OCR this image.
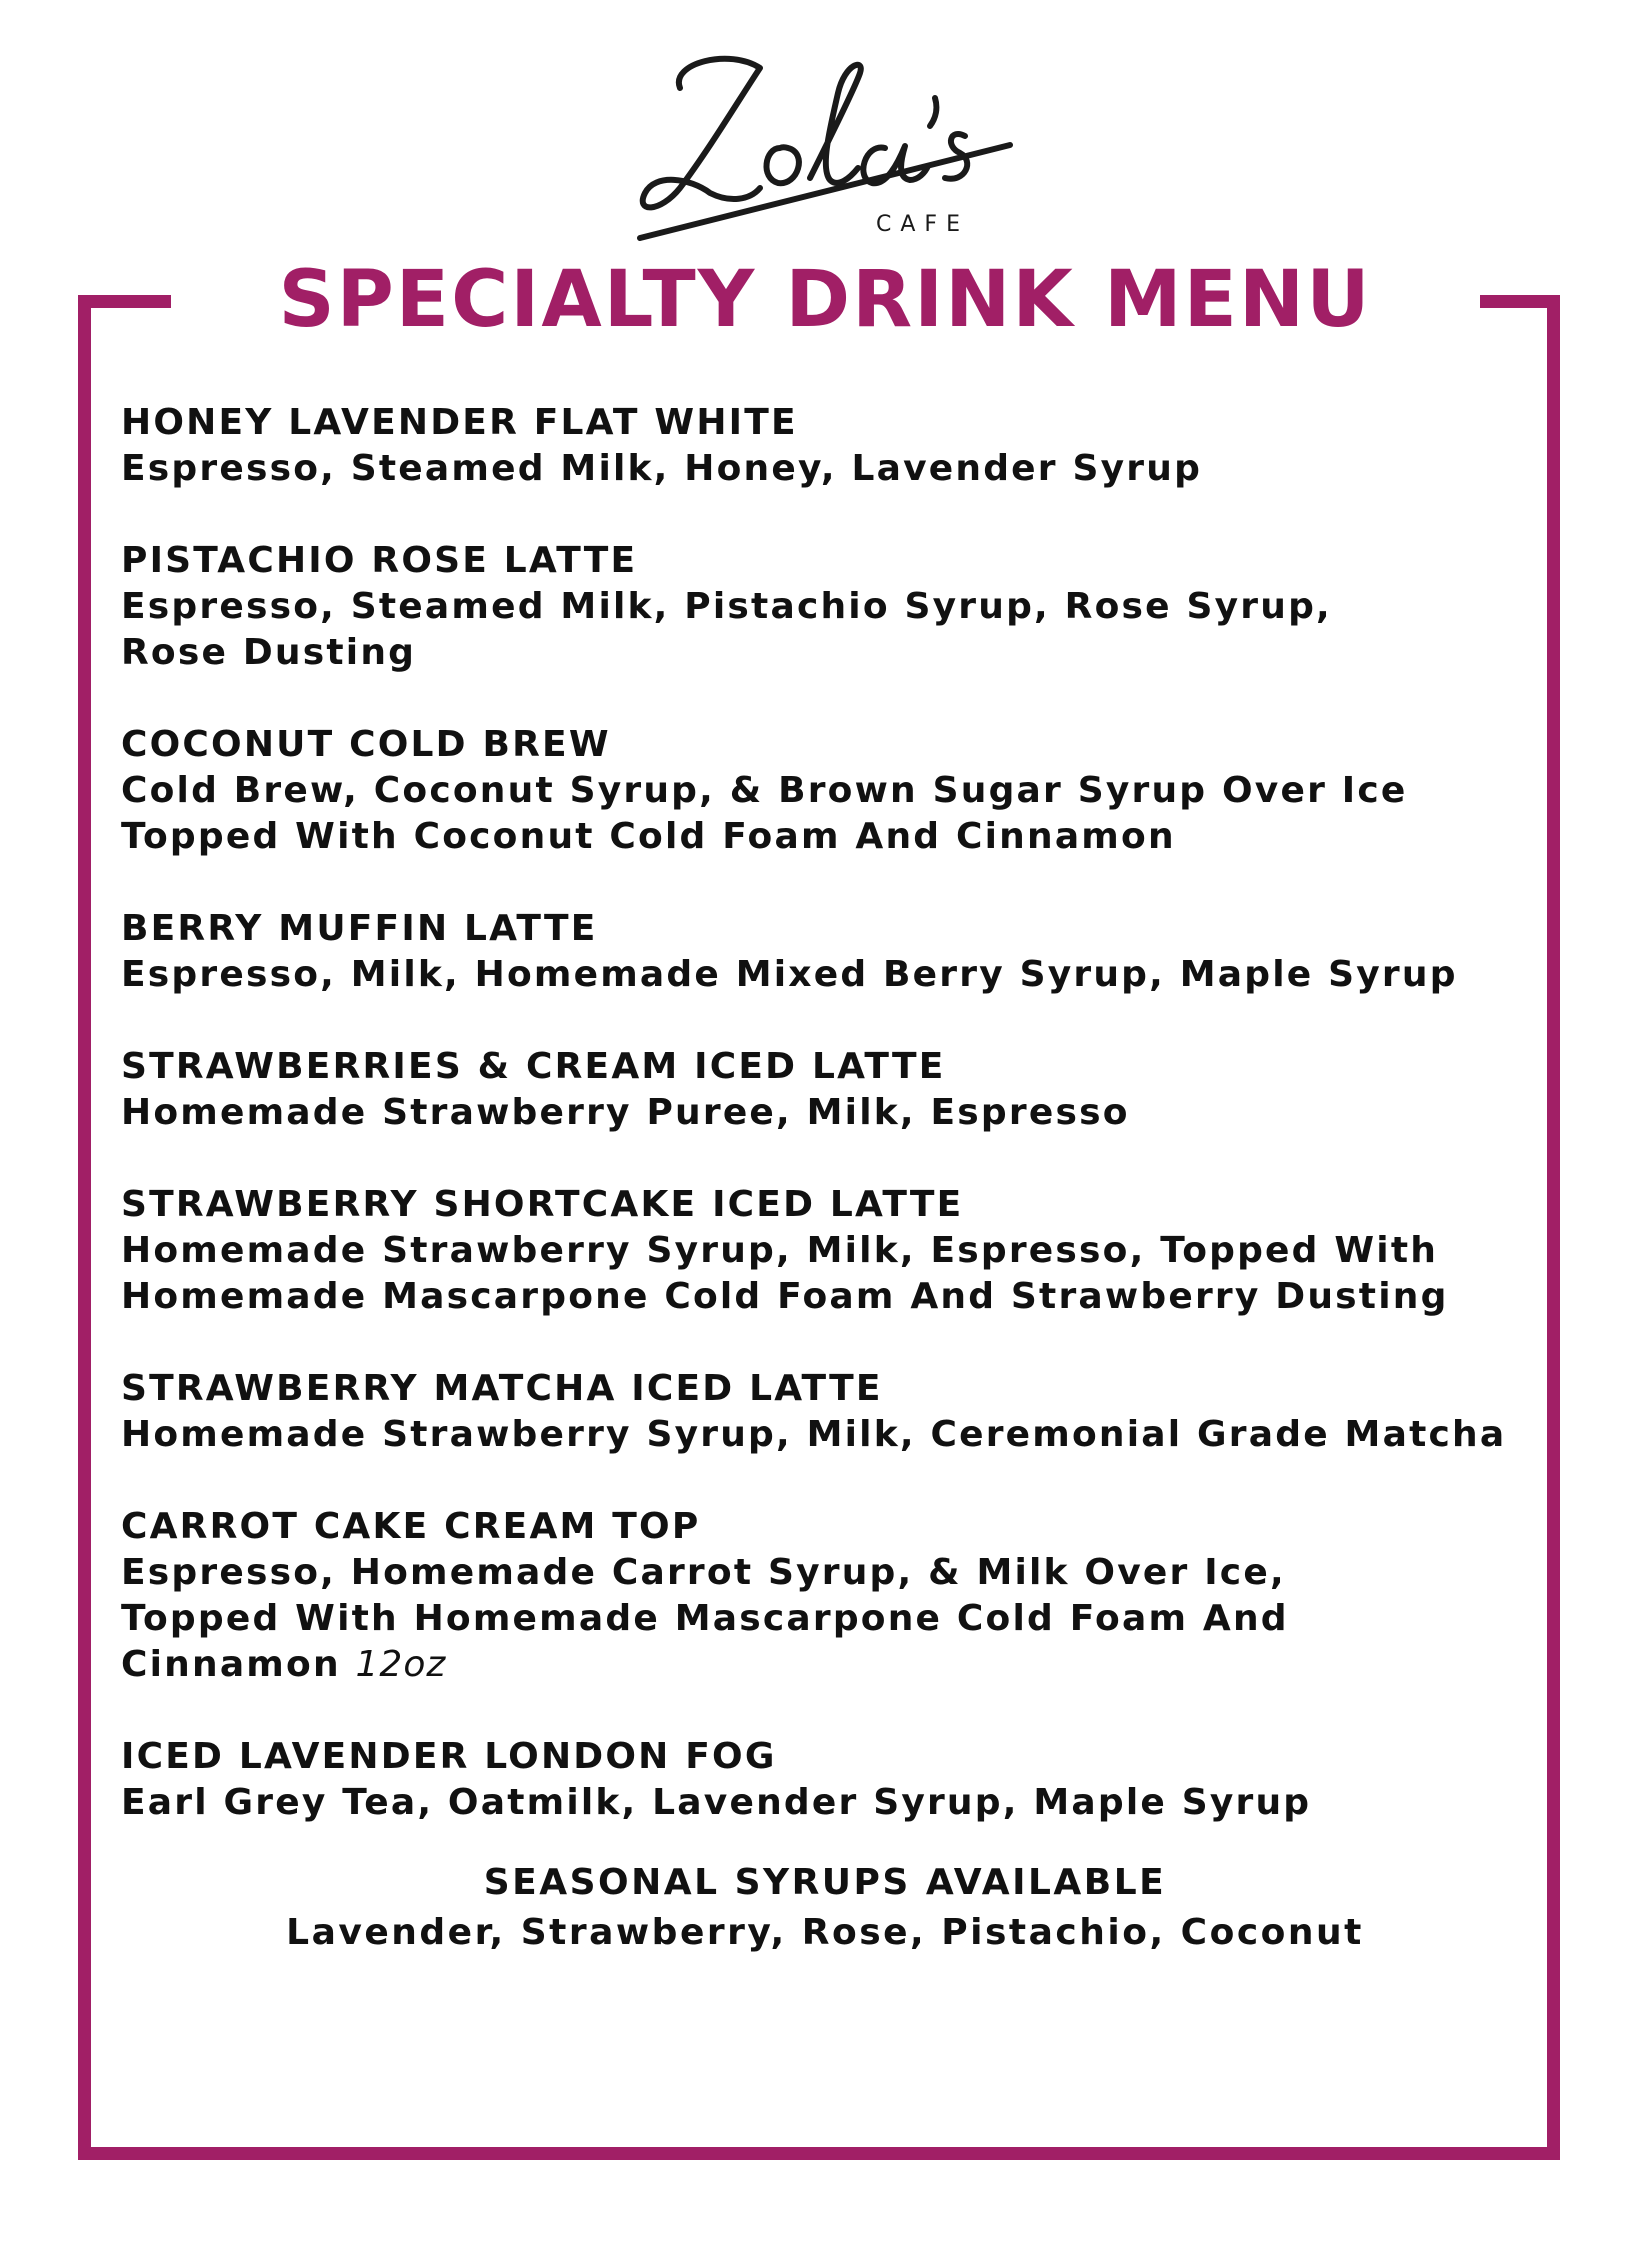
CAFE
SPECIALTY DRINK MENU
HONEY LAVENDER FLAT WHITE
Espresso, Steamed Milk, Honey, Lavender Syrup
PISTACHIO ROSE LATTE
Espresso, Steamed Milk, Pistachio Syrup, Rose Syrup, Rose Dusting
COCONUT COLD BREW
Cold Brew, Coconut Syrup, & Brown Sugar Syrup Over Ice Topped With Coconut Cold Foam And Cinnamon
BERRY MUFFIN LATTE
Espresso, Milk, Homemade Mixed Berry Syrup, Maple Syrup
STRAWBERRIES & CREAM ICED LATTE
Homemade Strawberry Puree, Milk, Espresso
STRAWBERRY SHORTCAKE ICED LATTE
Homemade Strawberry Syrup, Milk, Espresso, Topped With Homemade Mascarpone Cold Foam And Strawberry Dusting
STRAWBERRY MATCHA ICED LATTE
Homemade Strawberry Syrup, Milk, Ceremonial Grade Matcha
CARROT CAKE CREAM TOP
Espresso, Homemade Carrot Syrup, & Milk Over Ice, Topped With Homemade Mascarpone Cold Foam And Cinnamon 12oz
ICED LAVENDER LONDON FOG
Earl Grey Tea, Oatmilk, Lavender Syrup, Maple Syrup
SEASONAL SYRUPS AVAILABLE
Lavender, Strawberry, Rose, Pistachio, Coconut
